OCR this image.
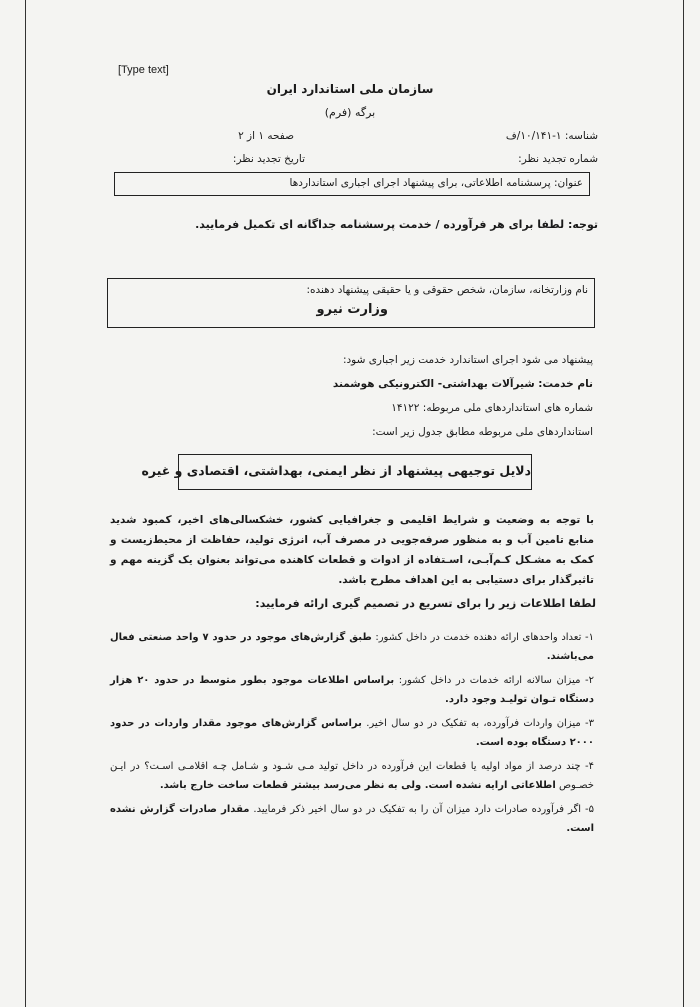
[Type text]
سازمان ملی استاندارد ایران
برگه (فرم)
شناسه: ۱-۱۰/۱۴۱/ف
صفحه ۱ از ۲
شماره تجدید نظر:
تاریخ تجدید نظر:
عنوان: پرسشنامه اطلاعاتی، برای پیشنهاد اجرای اجباری استانداردها
توجه: لطفا برای هر فرآورده / خدمت پرسشنامه جداگانه ای تکمیل فرمایید.
نام وزارتخانه، سازمان، شخص حقوقی و یا حقیقی پیشنهاد دهنده:
وزارت نیرو
پیشنهاد می شود اجرای استاندارد خدمت زیر اجباری شود:
نام خدمت: شیرآلات بهداشتی- الکترونیکی هوشمند
شماره های استانداردهای ملی مربوطه: ۱۴۱۲۲
استانداردهای ملی مربوطه مطابق جدول زیر است:
دلایل توجیهی پیشنهاد از نظر ایمنی، بهداشتی، اقتصادی و غیره
با توجه به وضعیت و شرایط اقلیمی و جغرافیایی کشور، خشکسالی‌های اخیر، کمبود شدید منابع تامین آب و به منظور صرفه‌جویی در مصرف آب، انرژی تولید، حفاظت از محیط‌زیست و کمک به مشـکل کـم‌آبـی، اسـتفاده از ادوات و قطعات کاهنده می‌تواند بعنوان یک گزینه مهم و تاثیرگذار برای دستیابی به این اهداف مطرح باشد.
لطفا اطلاعات زیر را برای تسریع در تصمیم گیری ارائه فرمایید:
۱- تعداد واحدهای ارائه دهنده خدمت در داخل کشور: طبق گزارش‌های موجود در حدود ۷ واحد صنعتی فعال می‌باشند.
۲- میزان سالانه ارائه خدمات در داخل کشور: براساس اطلاعات موجود بطور متوسط در حدود ۲۰ هزار دستگاه تـوان تولیـد وجود دارد.
۳- میزان واردات فرآورده، به تفکیک در دو سال اخیر. براساس گزارش‌های موجود مقدار واردات در حدود ۲۰۰۰ دستگاه بوده است.
۴- چند درصد از مواد اولیه یا قطعات این فرآورده در داخل تولید مـی شـود و شـامل چـه اقلامـی اسـت؟ در ایـن خصـوص اطلاعاتی ارایه نشده است. ولی به نظر می‌رسد بیشتر قطعات ساخت خارج باشد.
۵- اگر فرآورده صادرات دارد میزان آن را به تفکیک در دو سال اخیر ذکر فرمایید. مقدار صادرات گزارش نشده است.
